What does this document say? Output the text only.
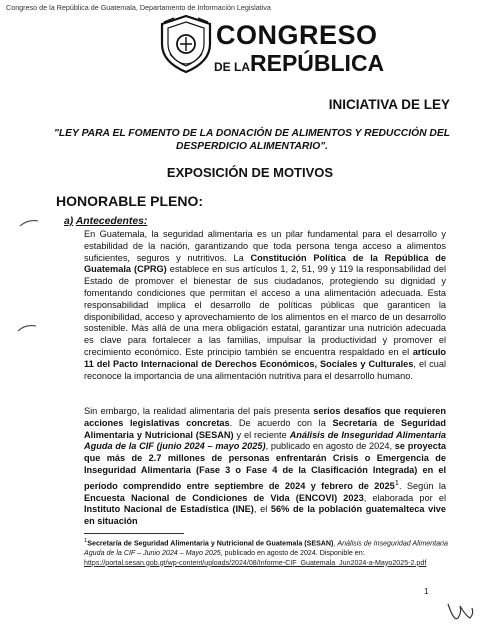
Congreso de la República de Guatemala, Departamento de Información Legislativa
CONGRESO
DE LAREPÚBLICA
INICIATIVA DE LEY
"LEY PARA EL FOMENTO DE LA DONACIÓN DE ALIMENTOS Y REDUCCIÓN DEL DESPERDICIO ALIMENTARIO".
EXPOSICIÓN DE MOTIVOS
HONORABLE PLENO:
a) Antecedentes:
En Guatemala, la seguridad alimentaria es un pilar fundamental para el desarrollo y estabilidad de la nación, garantizando que toda persona tenga acceso a alimentos suficientes, seguros y nutritivos. La Constitución Política de la República de Guatemala (CPRG) establece en sus artículos 1, 2, 51, 99 y 119 la responsabilidad del Estado de promover el bienestar de sus ciudadanos, protegiendo su dignidad y fomentando condiciones que permitan el acceso a una alimentación adecuada. Esta responsabilidad implica el desarrollo de políticas públicas que garanticen la disponibilidad, acceso y aprovechamiento de los alimentos en el marco de un desarrollo sostenible. Más allá de una mera obligación estatal, garantizar una nutrición adecuada es clave para fortalecer a las familias, impulsar la productividad y promover el crecimiento económico. Este principio también se encuentra respaldado en el artículo 11 del Pacto Internacional de Derechos Económicos, Sociales y Culturales, el cual reconoce la importancia de una alimentación nutritiva para el desarrollo humano.
Sin embargo, la realidad alimentaria del país presenta serios desafíos que requieren acciones legislativas concretas. De acuerdo con la Secretaría de Seguridad Alimentaria y Nutricional (SESAN) y el reciente Análisis de Inseguridad Alimentaria Aguda de la CIF (junio 2024 – mayo 2025), publicado en agosto de 2024, se proyecta que más de 2.7 millones de personas enfrentarán Crisis o Emergencia de Inseguridad Alimentaria (Fase 3 o Fase 4 de la Clasificación Integrada) en el período comprendido entre septiembre de 2024 y febrero de 2025$^1$. Según la Encuesta Nacional de Condiciones de Vida (ENCOVI) 2023, elaborada por el Instituto Nacional de Estadística (INE), el 56% de la población guatemalteca vive en situación
$^1$Secretaría de Seguridad Alimentaria y Nutricional de Guatemala (SESAN), Análisis de Inseguridad Alimentaria Aguda de la CIF – Junio 2024 – Mayo 2025, publicado en agosto de 2024. Disponible en:
https://portal.sesan.gob.gt/wp-content/uploads/2024/08/Informe-CIF_Guatemala_Jun2024-a-Mayo2025-2.pdf
1
